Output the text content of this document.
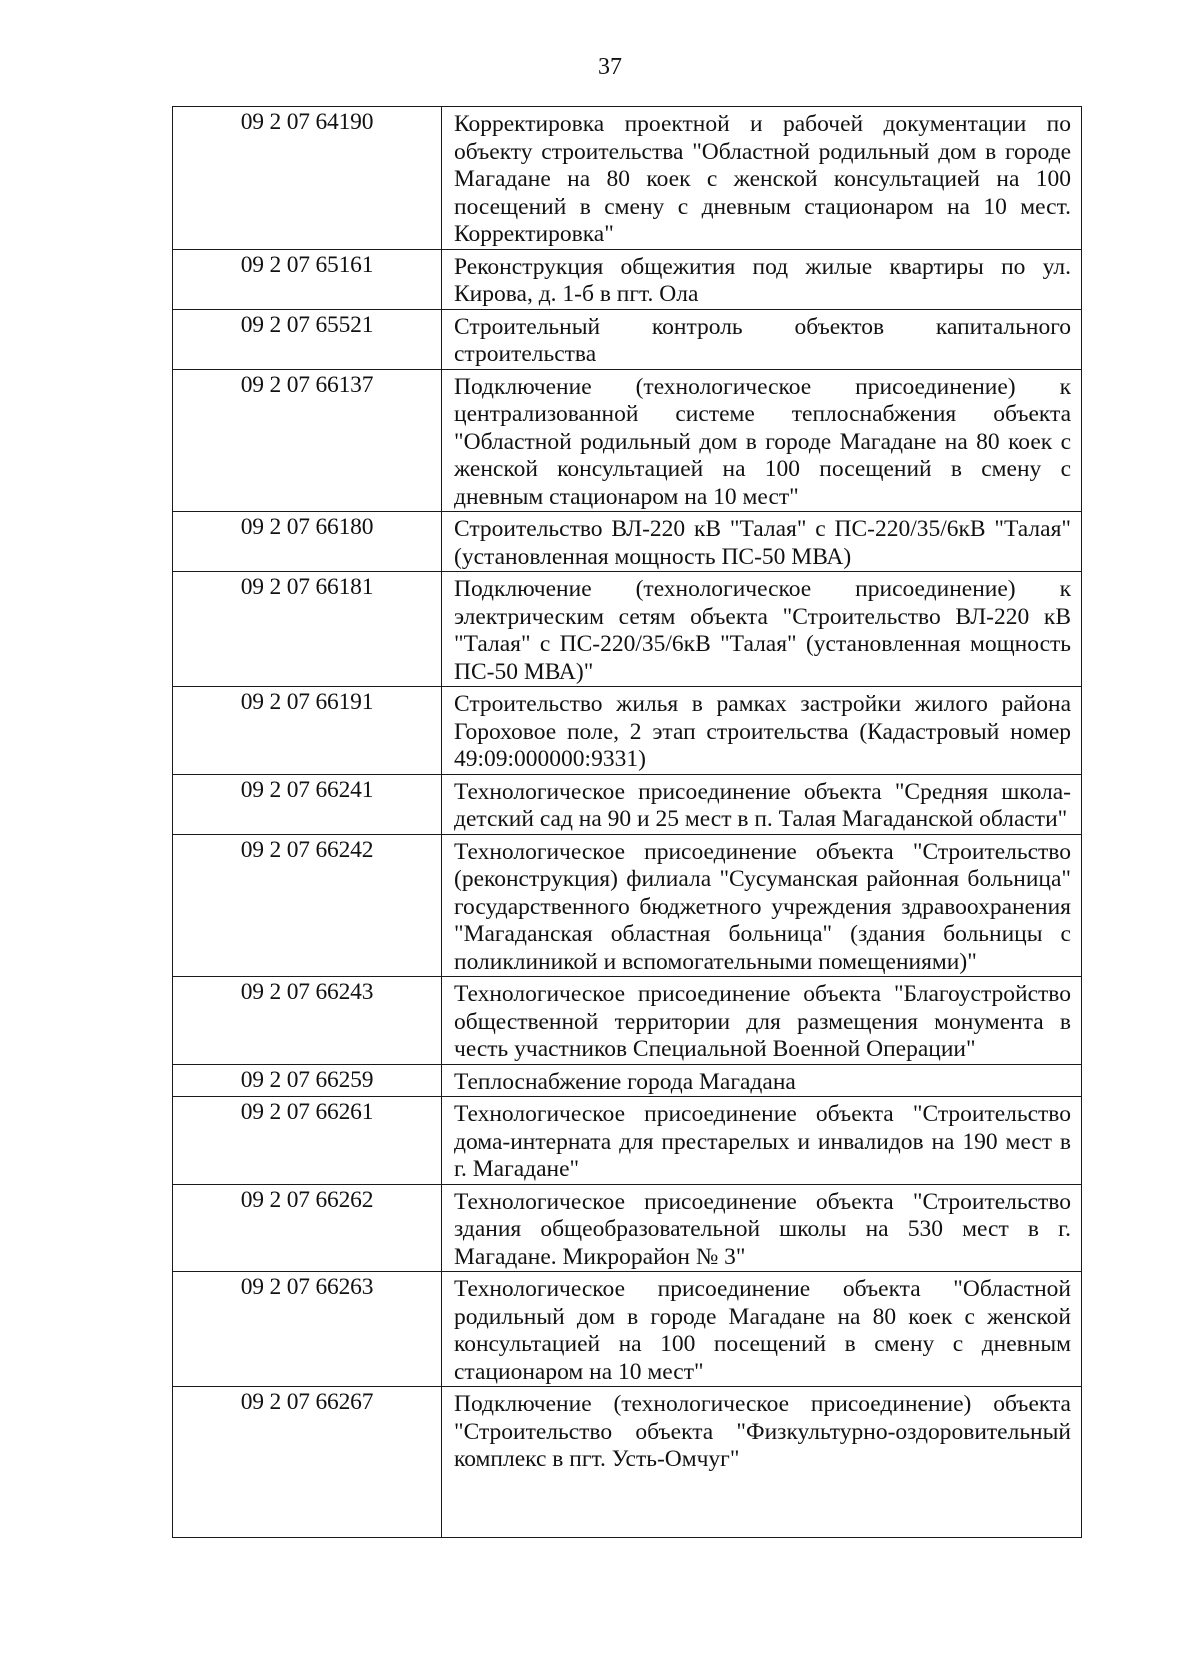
37
09 2 07 64190	Корректировка проектной и рабочей документации по объекту строительства "Областной родильный дом в городе Магадане на 80 коек с женской консультацией на 100 посещений в смену с дневным стационаром на 10 мест. Корректировка"
09 2 07 65161	Реконструкция общежития под жилые квартиры по ул. Кирова, д. 1-б в пгт. Ола
09 2 07 65521	Строительный контроль объектов капитального строительства
09 2 07 66137	Подключение (технологическое присоединение) к централизованной системе теплоснабжения объекта "Областной родильный дом в городе Магадане на 80 коек с женской консультацией на 100 посещений в смену с дневным стационаром на 10 мест"
09 2 07 66180	Строительство ВЛ-220 кВ "Талая" с ПС-220/35/6кВ "Талая" (установленная мощность ПС-50 МВА)
09 2 07 66181	Подключение (технологическое присоединение) к электрическим сетям объекта "Строительство ВЛ-220 кВ "Талая" с ПС-220/35/6кВ "Талая" (установленная мощность ПС-50 МВА)"
09 2 07 66191	Строительство жилья в рамках застройки жилого района Гороховое поле, 2 этап строительства (Кадастровый номер 49:09:000000:9331)
09 2 07 66241	Технологическое присоединение объекта "Средняя школа-детский сад на 90 и 25 мест в п. Талая Магаданской области"
09 2 07 66242	Технологическое присоединение объекта "Строительство (реконструкция) филиала "Сусуманская районная больница" государственного бюджетного учреждения здравоохранения "Магаданская областная больница" (здания больницы с поликлиникой и вспомогательными помещениями)"
09 2 07 66243	Технологическое присоединение объекта "Благоустройство общественной территории для размещения монумента в честь участников Специальной Военной Операции"
09 2 07 66259	Теплоснабжение города Магадана
09 2 07 66261	Технологическое присоединение объекта "Строительство дома-интерната для престарелых и инвалидов на 190 мест в г. Магадане"
09 2 07 66262	Технологическое присоединение объекта "Строительство здания общеобразовательной школы на 530 мест в г. Магадане. Микрорайон № 3"
09 2 07 66263	Технологическое присоединение объекта "Областной родильный дом в городе Магадане на 80 коек с женской консультацией на 100 посещений в смену с дневным стационаром на 10 мест"
09 2 07 66267	Подключение (технологическое присоединение) объекта "Строительство объекта "Физкультурно-оздоровительный комплекс в пгт. Усть-Омчуг"
